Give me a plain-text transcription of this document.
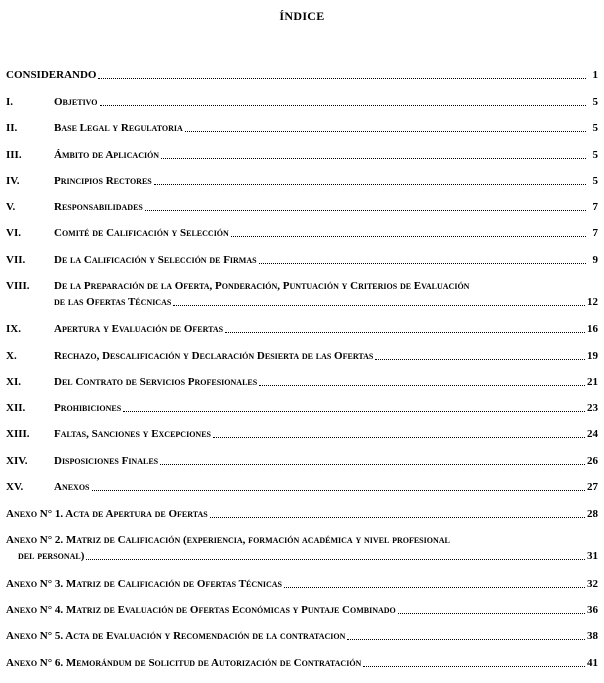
ÍNDICE
CONSIDERANDO	1
I.	Objetivo	5
II.	Base Legal y Regulatoria	5
III.	Ámbito de Aplicación	5
IV.	Principios Rectores	5
V.	Responsabilidades	7
VI.	Comité de Calificación y Selección	7
VII.	De la Calificación y Selección de Firmas	9
VIII.	De la Preparación de la Oferta, Ponderación, Puntuación y Criterios de Evaluación
de las Ofertas Técnicas	12
IX.	Apertura y Evaluación de Ofertas	16
X.	Rechazo, Descalificación y Declaración Desierta de las Ofertas	19
XI.	Del Contrato de Servicios Profesionales	21
XII.	Prohibiciones	23
XIII.	Faltas, Sanciones y Excepciones	24
XIV.	Disposiciones Finales	26
XV.	Anexos	27
Anexo N° 1. Acta de Apertura de Ofertas	28
Anexo N° 2. Matriz de Calificación (experiencia, formación académica y nivel profesional
del personal)	31
Anexo N° 3. Matriz de Calificación de Ofertas Técnicas	32
Anexo N° 4. Matriz de Evaluación de Ofertas Económicas y Puntaje Combinado	36
Anexo N° 5. Acta de Evaluación y Recomendación de la contratacion	38
Anexo N° 6. Memorándum de Solicitud de Autorización de Contratación	41
